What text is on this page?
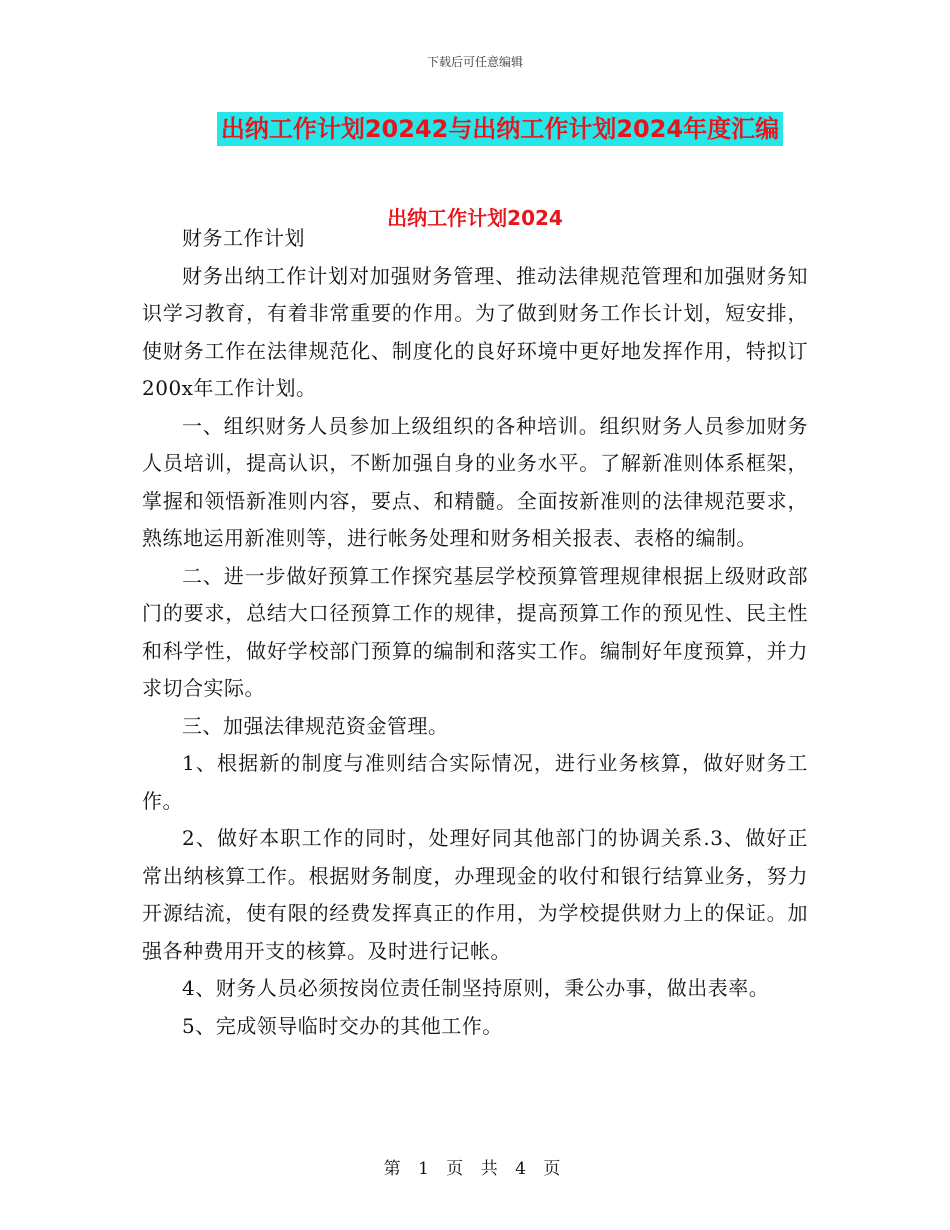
下载后可任意编辑
出纳工作计划20242与出纳工作计划2024年度汇编
出纳工作计划2024

财务工作计划

财务出纳工作计划对加强财务管理、推动法律规范管理和加强财务知识学习教育，有着非常重要的作用。为了做到财务工作长计划，短安排，使财务工作在法律规范化、制度化的良好环境中更好地发挥作用，特拟订200x年工作计划。

一、组织财务人员参加上级组织的各种培训。组织财务人员参加财务人员培训，提高认识，不断加强自身的业务水平。了解新准则体系框架，掌握和领悟新准则内容，要点、和精髓。全面按新准则的法律规范要求，熟练地运用新准则等，进行帐务处理和财务相关报表、表格的编制。

二、进一步做好预算工作探究基层学校预算管理规律根据上级财政部门的要求，总结大口径预算工作的规律，提高预算工作的预见性、民主性和科学性，做好学校部门预算的编制和落实工作。编制好年度预算，并力求切合实际。

三、加强法律规范资金管理。

1、根据新的制度与准则结合实际情况，进行业务核算，做好财务工作。

2、做好本职工作的同时，处理好同其他部门的协调关系.3、做好正常出纳核算工作。根据财务制度，办理现金的收付和银行结算业务，努力开源结流，使有限的经费发挥真正的作用，为学校提供财力上的保证。加强各种费用开支的核算。及时进行记帐。

4、财务人员必须按岗位责任制坚持原则，秉公办事，做出表率。

5、完成领导临时交办的其他工作。

第 1 页 共 4 页
